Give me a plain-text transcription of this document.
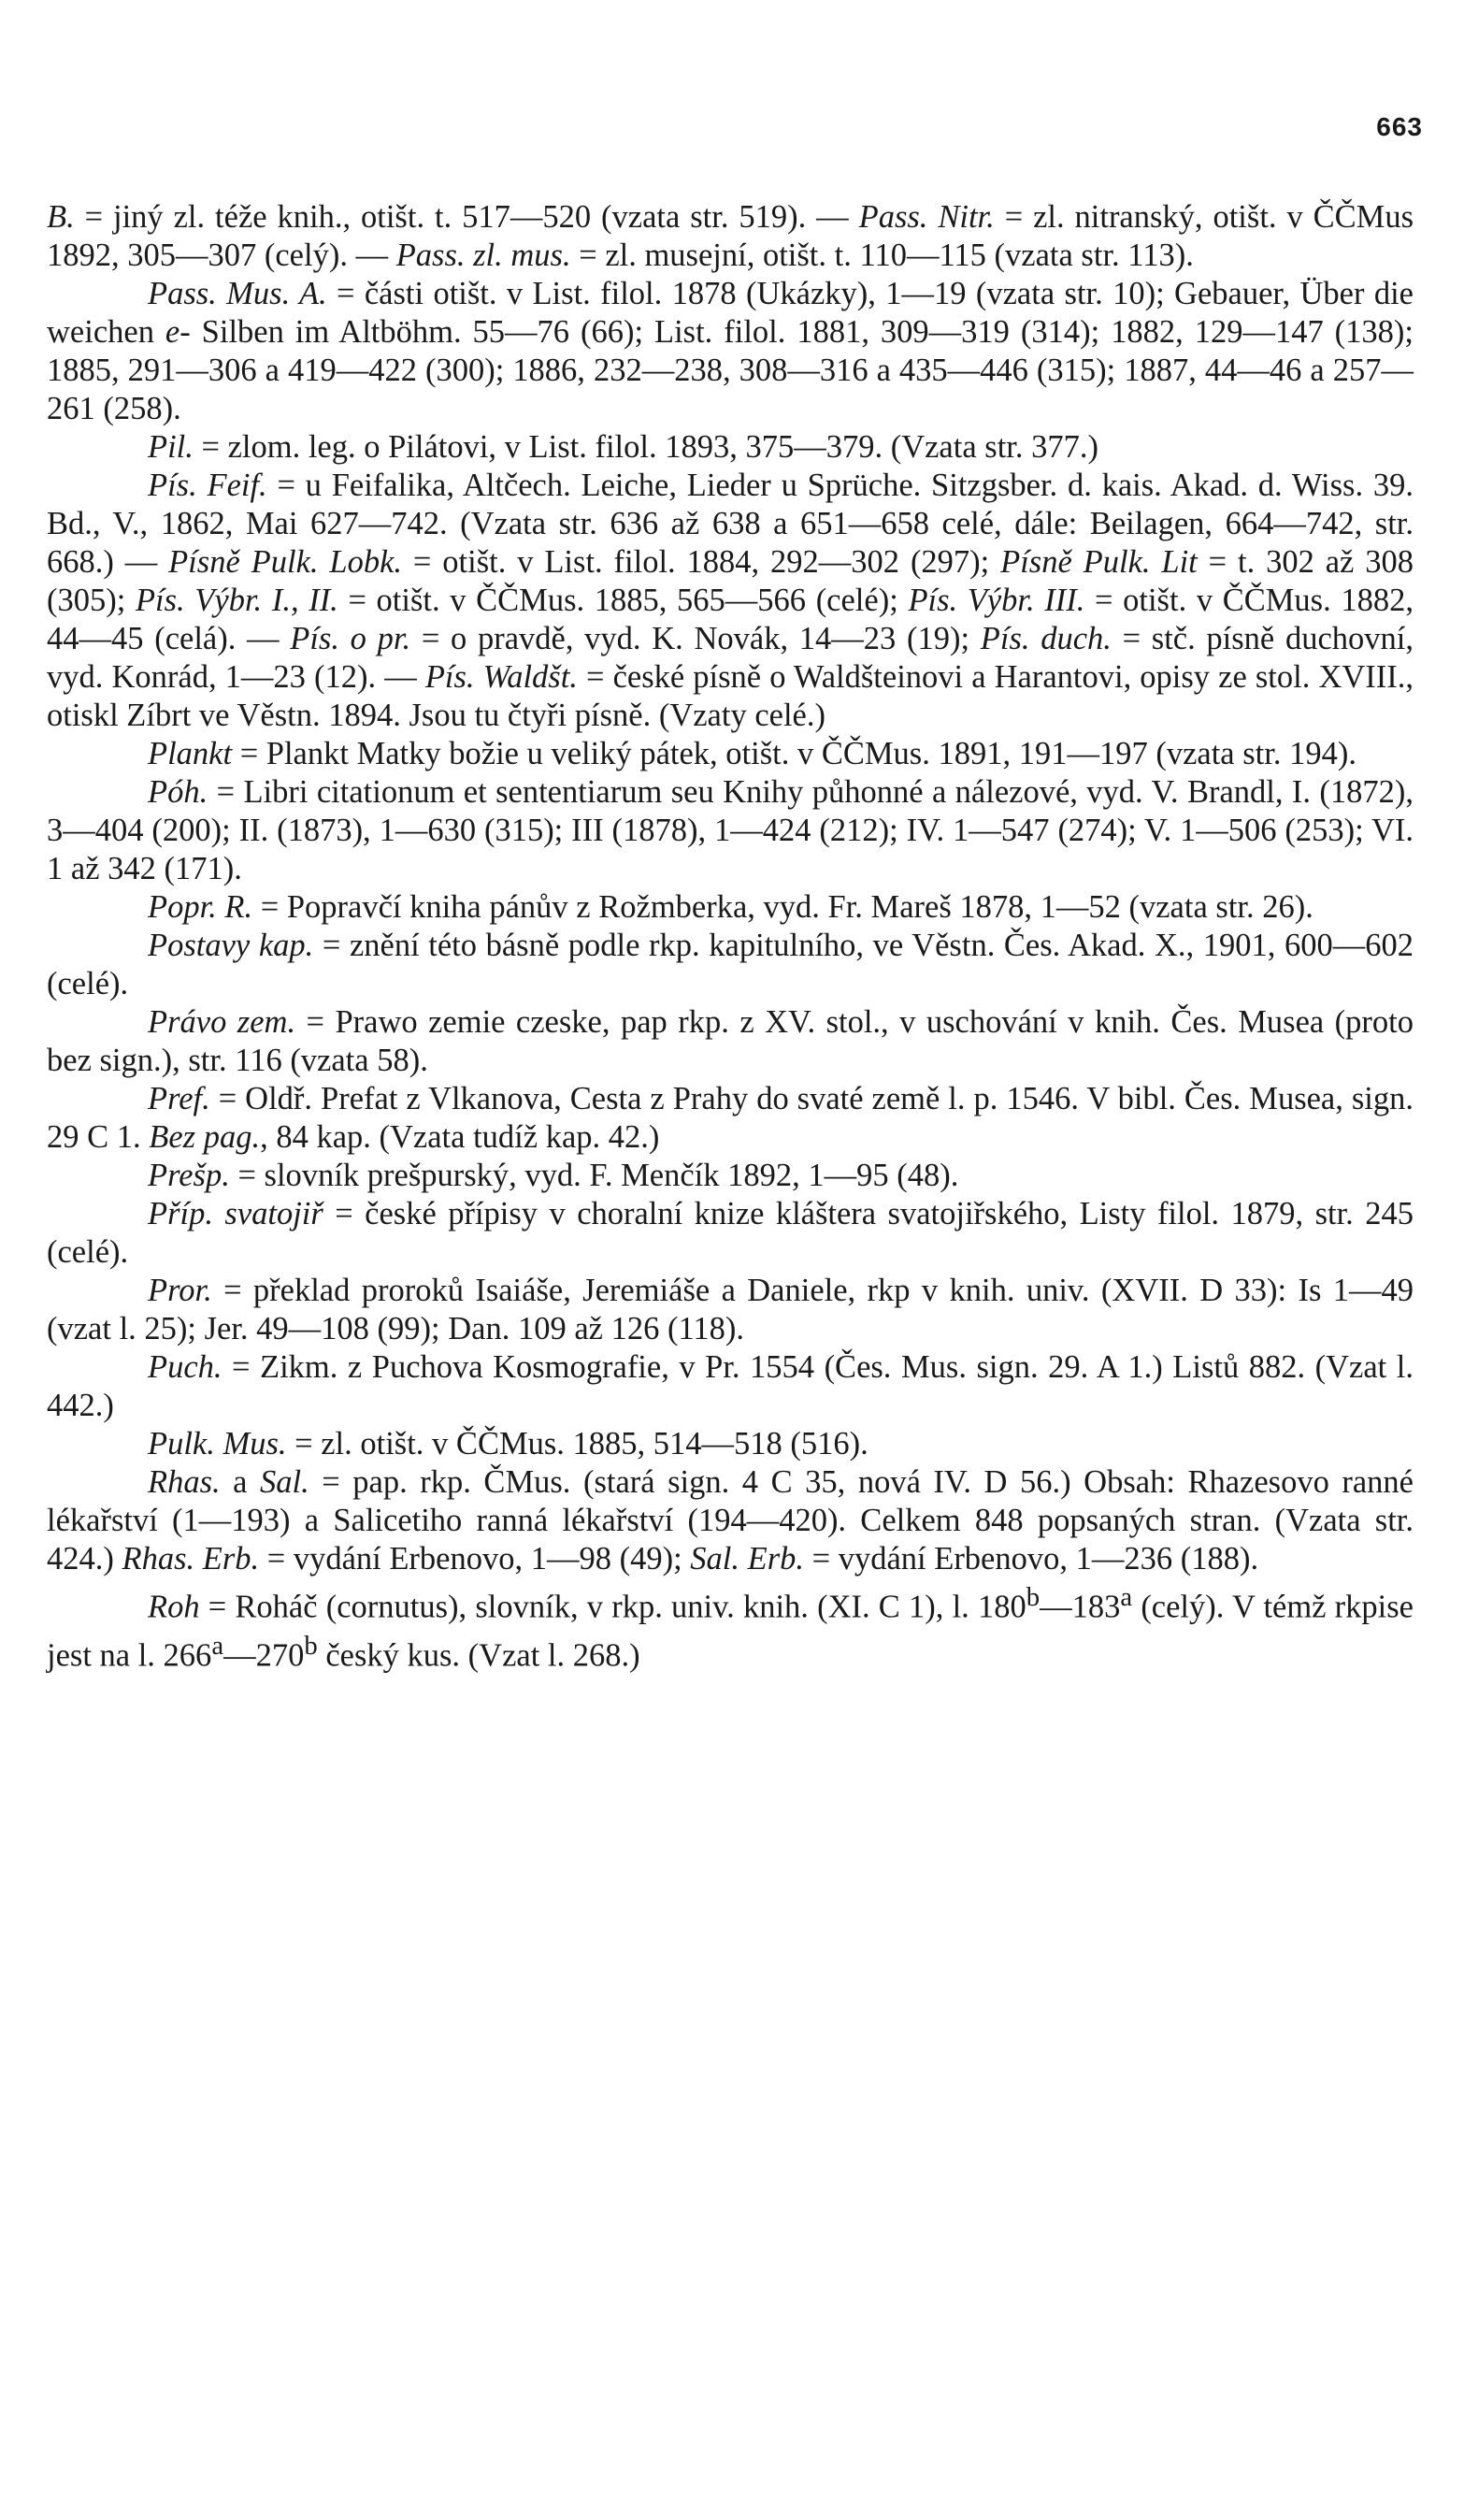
663

B. = jiný zl. téže knih., otišt. t. 517—520 (vzata str. 519). — Pass. Nitr. = zl. nitranský, otišt. v ČČMus 1892, 305—307 (celý). — Pass. zl. mus. = zl. musejní, otišt. t. 110—115 (vzata str. 113).

Pass. Mus. A. = části otišt. v List. filol. 1878 (Ukázky), 1—19 (vzata str. 10); Gebauer, Über die weichen e- Silben im Altböhm. 55—76 (66); List. filol. 1881, 309—319 (314); 1882, 129—147 (138); 1885, 291—306 a 419—422 (300); 1886, 232—238, 308—316 a 435—446 (315); 1887, 44—46 a 257—261 (258).

Pil. = zlom. leg. o Pilátovi, v List. filol. 1893, 375—379. (Vzata str. 377.)

Pís. Feif. = u Feifalika, Altčech. Leiche, Lieder u Sprüche. Sitzgsber. d. kais. Akad. d. Wiss. 39. Bd., V., 1862, Mai 627—742. (Vzata str. 636 až 638 a 651—658 celé, dále: Beilagen, 664—742, str. 668.) — Písně Pulk. Lobk. = otišt. v List. filol. 1884, 292—302 (297); Písně Pulk. Lit = t. 302 až 308 (305); Pís. Výbr. I., II. = otišt. v ČČMus. 1885, 565—566 (celé); Pís. Výbr. III. = otišt. v ČČMus. 1882, 44—45 (celá). — Pís. o pr. = o pravdě, vyd. K. Novák, 14—23 (19); Pís. duch. = stč. písně duchovní, vyd. Konrád, 1—23 (12). — Pís. Waldšt. = české písně o Waldšteinovi a Harantovi, opisy ze stol. XVIII., otiskl Zíbrt ve Věstn. 1894. Jsou tu čtyři písně. (Vzaty celé.)

Plankt = Plankt Matky božie u veliký pátek, otišt. v ČČMus. 1891, 191—197 (vzata str. 194).

Póh. = Libri citationum et sententiarum seu Knihy půhonné a nálezové, vyd. V. Brandl, I. (1872), 3—404 (200); II. (1873), 1—630 (315); III (1878), 1—424 (212); IV. 1—547 (274); V. 1—506 (253); VI. 1 až 342 (171).

Popr. R. = Popravčí kniha pánův z Rožmberka, vyd. Fr. Mareš 1878, 1—52 (vzata str. 26).

Postavy kap. = znění této básně podle rkp. kapitulního, ve Věstn. Čes. Akad. X., 1901, 600—602 (celé).

Právo zem. = Prawo zemie czeske, pap rkp. z XV. stol., v uschování v knih. Čes. Musea (proto bez sign.), str. 116 (vzata 58).

Pref. = Oldř. Prefat z Vlkanova, Cesta z Prahy do svaté země l. p. 1546. V bibl. Čes. Musea, sign. 29 C 1. Bez pag., 84 kap. (Vzata tudíž kap. 42.)

Prešp. = slovník prešpurský, vyd. F. Menčík 1892, 1—95 (48).

Příp. svatojiř = české přípisy v choralní knize kláštera svatojiřského, Listy filol. 1879, str. 245 (celé).

Pror. = překlad proroků Isaiáše, Jeremiáše a Daniele, rkp v knih. univ. (XVII. D 33): Is 1—49 (vzat l. 25); Jer. 49—108 (99); Dan. 109 až 126 (118).

Puch. = Zikm. z Puchova Kosmografie, v Pr. 1554 (Čes. Mus. sign. 29. A 1.) Listů 882. (Vzat l. 442.)

Pulk. Mus. = zl. otišt. v ČČMus. 1885, 514—518 (516).

Rhas. a Sal. = pap. rkp. ČMus. (stará sign. 4 C 35, nová IV. D 56.) Obsah: Rhazesovo ranné lékařství (1—193) a Salicetiho ranná lékařství (194—420). Celkem 848 popsaných stran. (Vzata str. 424.) Rhas. Erb. = vydání Erbenovo, 1—98 (49); Sal. Erb. = vydání Erbenovo, 1—236 (188).

Roh = Roháč (cornutus), slovník, v rkp. univ. knih. (XI. C 1), l. 180$^b$—183$^a$ (celý). V témž rkpise jest na l. 266$^a$—270$^b$ český kus. (Vzat l. 268.)
